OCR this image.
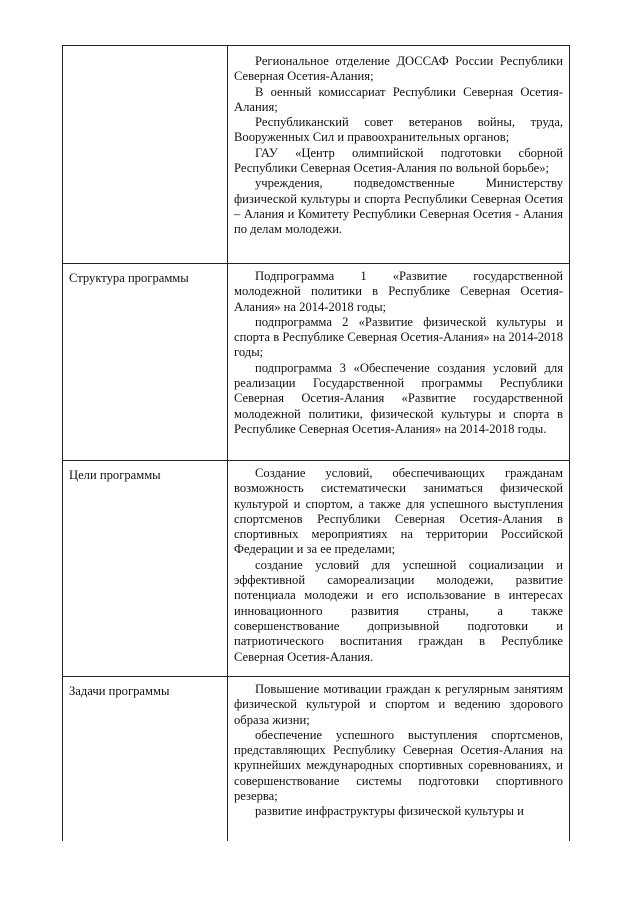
	Региональное отделение ДОССАФ России Республики Северная Осетия-Алания;

В оенный комиссариат Республики Северная Осетия-Алания;

Республиканский совет ветеранов войны, труда, Вооруженных Сил и правоохранительных органов;

ГАУ «Центр олимпийской подготовки сборной Республики Северная Осетия-Алания по вольной борьбе»;

учреждения, подведомственные Министерству физической культуры и спорта Республики Северная Осетия – Алания и Комитету Республики Северная Осетия - Алания по делам молодежи.

Структура программы	Подпрограмма 1 «Развитие государственной молодежной политики в Республике Северная Осетия-Алания» на 2014-2018 годы;

подпрограмма 2 «Развитие физической культуры и спорта в Республике Северная Осетия-Алания» на 2014-2018 годы;

подпрограмма 3 «Обеспечение создания условий для реализации Государственной программы Республики Северная Осетия-Алания «Развитие государственной молодежной политики, физической культуры и спорта в Республике Северная Осетия-Алания» на 2014-2018 годы.

Цели программы	Создание условий, обеспечивающих гражданам возможность систематически заниматься физической культурой и спортом, а также для успешного выступления спортсменов Республики Северная Осетия-Алания в спортивных мероприятиях на территории Российской Федерации и за ее пределами;

создание условий для успешной социализации и эффективной самореализации молодежи, развитие потенциала молодежи и его использование в интересах инновационного развития страны, а также совершенствование допризывной подготовки и патриотического воспитания граждан в Республике Северная Осетия-Алания.

Задачи программы	Повышение мотивации граждан к регулярным занятиям физической культурой и спортом и ведению здорового образа жизни;

обеспечение успешного выступления спортсменов, представляющих Республику Северная Осетия-Алания на крупнейших международных спортивных соревнованиях, и совершенствование системы подготовки спортивного резерва;

развитие инфраструктуры физической культуры и
